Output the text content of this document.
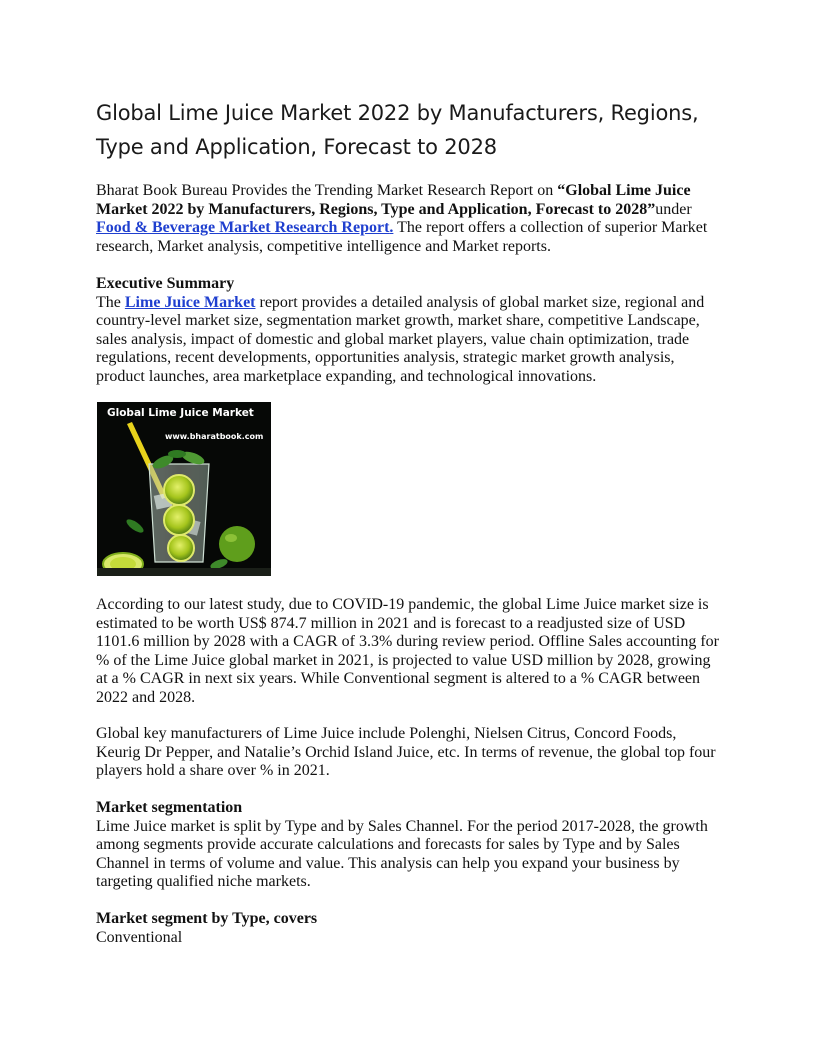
Global Lime Juice Market 2022 by Manufacturers, Regions, Type and Application, Forecast to 2028

Bharat Book Bureau Provides the Trending Market Research Report on “Global Lime Juice Market 2022 by Manufacturers, Regions, Type and Application, Forecast to 2028”under Food & Beverage Market Research Report. The report offers a collection of superior Market research, Market analysis, competitive intelligence and Market reports.

Executive Summary
The Lime Juice Market report provides a detailed analysis of global market size, regional and country-level market size, segmentation market growth, market share, competitive Landscape, sales analysis, impact of domestic and global market players, value chain optimization, trade regulations, recent developments, opportunities analysis, strategic market growth analysis, product launches, area marketplace expanding, and technological innovations.

Global Lime Juice Market
www.bharatbook.com

According to our latest study, due to COVID-19 pandemic, the global Lime Juice market size is estimated to be worth US$ 874.7 million in 2021 and is forecast to a readjusted size of USD 1101.6 million by 2028 with a CAGR of 3.3% during review period. Offline Sales accounting for % of the Lime Juice global market in 2021, is projected to value USD million by 2028, growing at a % CAGR in next six years. While Conventional segment is altered to a % CAGR between 2022 and 2028.

Global key manufacturers of Lime Juice include Polenghi, Nielsen Citrus, Concord Foods, Keurig Dr Pepper, and Natalie’s Orchid Island Juice, etc. In terms of revenue, the global top four players hold a share over % in 2021.

Market segmentation
Lime Juice market is split by Type and by Sales Channel. For the period 2017-2028, the growth among segments provide accurate calculations and forecasts for sales by Type and by Sales Channel in terms of volume and value. This analysis can help you expand your business by targeting qualified niche markets.

Market segment by Type, covers
Conventional
